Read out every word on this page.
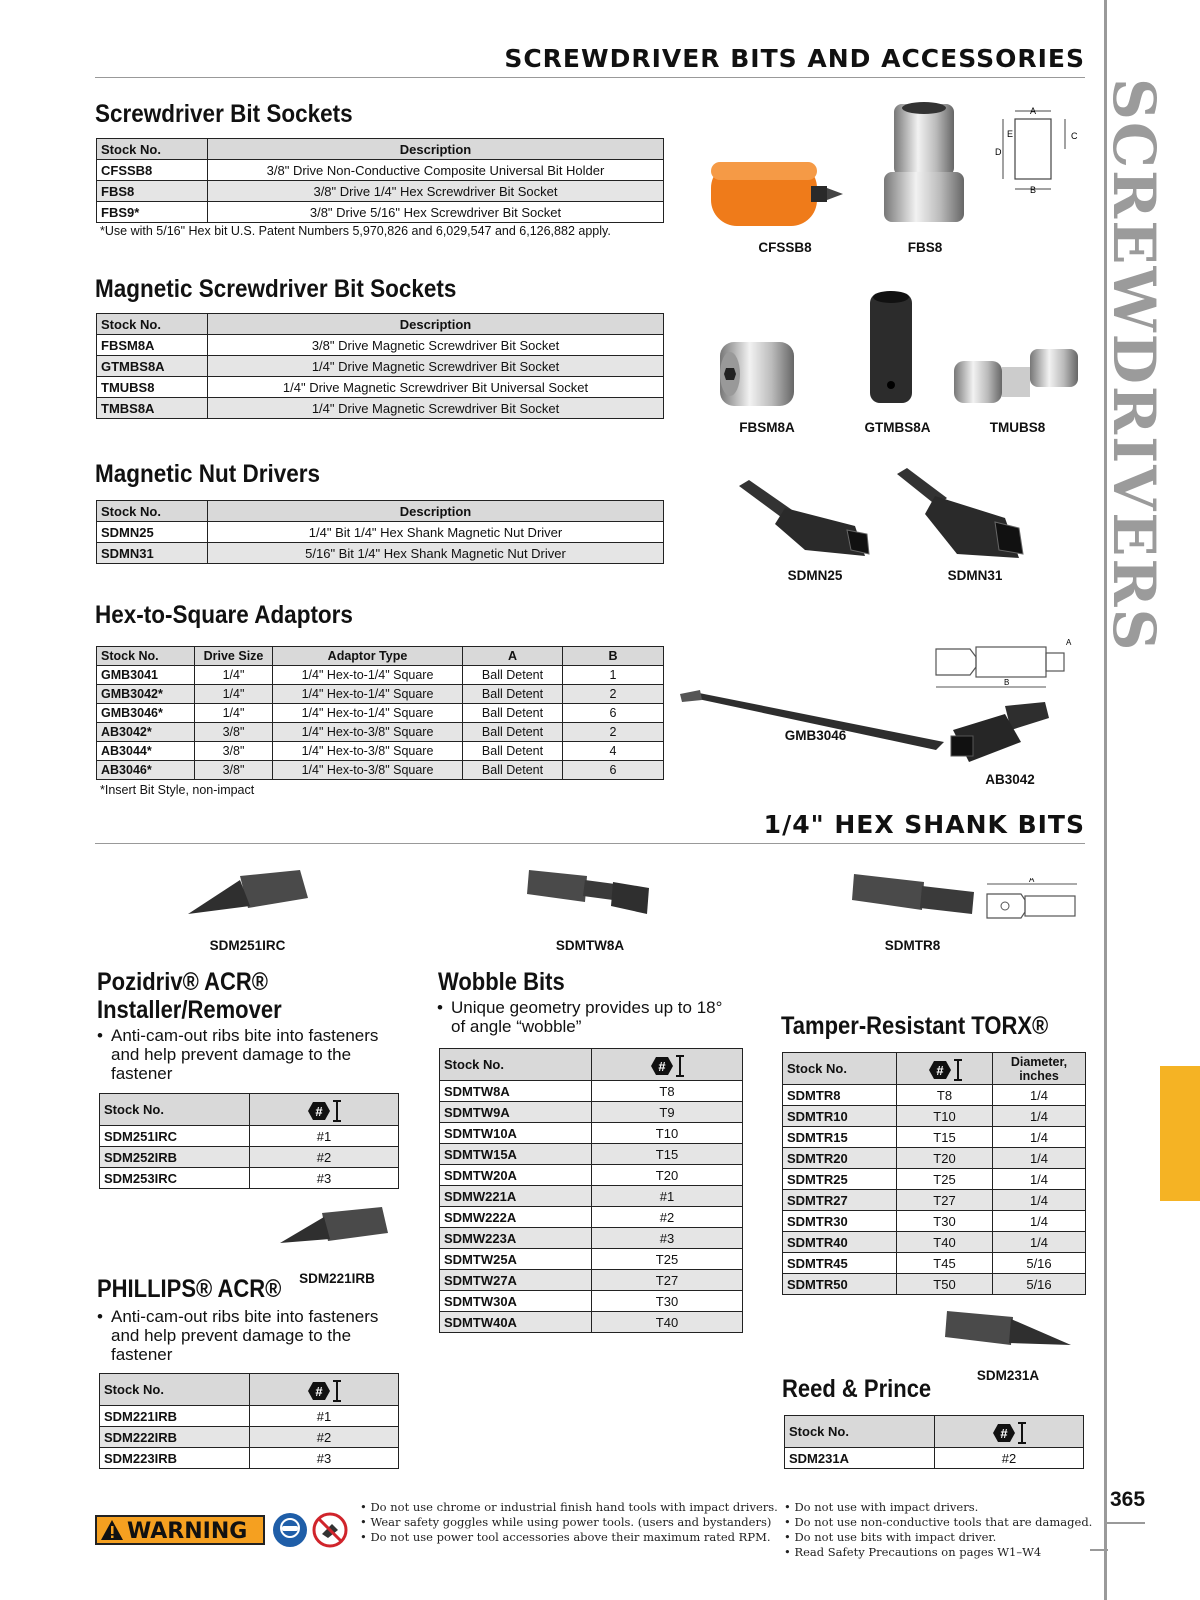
SCREWDRIVER BITS AND ACCESSORIES
SCREWDRIVERS
365
Screwdriver Bit Sockets
Stock No.	Description
CFSSB8	3/8" Drive Non-Conductive Composite Universal Bit Holder
FBS8	3/8" Drive 1/4" Hex Screwdriver Bit Socket
FBS9*	3/8" Drive 5/16" Hex Screwdriver Bit Socket
*Use with 5/16" Hex bit U.S. Patent Numbers 5,970,826 and 6,029,547 and 6,126,882 apply.
CFSSB8	FBS8
A
B
C
D
E
Magnetic Screwdriver Bit Sockets
Stock No.	Description
FBSM8A	3/8" Drive Magnetic Screwdriver Bit Socket
GTMBS8A	1/4" Drive Magnetic Screwdriver Bit Socket
TMUBS8	1/4" Drive Magnetic Screwdriver Bit Universal Socket
TMBS8A	1/4" Drive Magnetic Screwdriver Bit Socket
FBSM8A	GTMBS8A	TMUBS8
Magnetic Nut Drivers
Stock No.	Description
SDMN25	1/4" Bit 1/4" Hex Shank Magnetic Nut Driver
SDMN31	5/16" Bit 1/4" Hex Shank Magnetic Nut Driver
SDMN25	SDMN31
Hex-to-Square Adaptors
Stock No.	Drive Size	Adaptor Type	A	B
GMB3041	1/4"	1/4" Hex-to-1/4" Square	Ball Detent	1
GMB3042*	1/4"	1/4" Hex-to-1/4" Square	Ball Detent	2
GMB3046*	1/4"	1/4" Hex-to-1/4" Square	Ball Detent	6
AB3042*	3/8"	1/4" Hex-to-3/8" Square	Ball Detent	2
AB3044*	3/8"	1/4" Hex-to-3/8" Square	Ball Detent	4
AB3046*	3/8"	1/4" Hex-to-3/8" Square	Ball Detent	6
*Insert Bit Style, non-impact
GMB3046
AB3042
A
B
1/4" HEX SHANK BITS
SDM251IRC	SDMTW8A	SDMTR8
A
Pozidriv® ACR®
Installer/Remover
• Anti-cam-out ribs bite into fasteners and help prevent damage to the fastener
Stock No.	#

SDM251IRC	#1
SDM252IRB	#2
SDM253IRC	#3
SDM221IRB
PHILLIPS® ACR®
• Anti-cam-out ribs bite into fasteners and help prevent damage to the fastener
Stock No.	#

SDM221IRB	#1
SDM222IRB	#2
SDM223IRB	#3
Wobble Bits
• Unique geometry provides up to 18° of angle “wobble”
Stock No.	#

SDMTW8A	T8
SDMTW9A	T9
SDMTW10A	T10
SDMTW15A	T15
SDMTW20A	T20
SDMW221A	#1
SDMW222A	#2
SDMW223A	#3
SDMTW25A	T25
SDMTW27A	T27
SDMTW30A	T30
SDMTW40A	T40
Tamper-Resistant TORX®
Stock No.	#	Diameter, inches
SDMTR8	T8	1/4
SDMTR10	T10	1/4
SDMTR15	T15	1/4
SDMTR20	T20	1/4
SDMTR25	T25	1/4
SDMTR27	T27	1/4
SDMTR30	T30	1/4
SDMTR40	T40	1/4
SDMTR45	T45	5/16
SDMTR50	T50	5/16
SDM231A
Reed & Prince
Stock No.	#

SDM231A	#2
WARNING
• Do not use chrome or industrial finish hand tools with impact drivers.
• Wear safety goggles while using power tools. (users and bystanders)
• Do not use power tool accessories above their maximum rated RPM.
• Do not use with impact drivers.
• Do not use non-conductive tools that are damaged.
• Do not use bits with impact driver.
• Read Safety Precautions on pages W1–W4
